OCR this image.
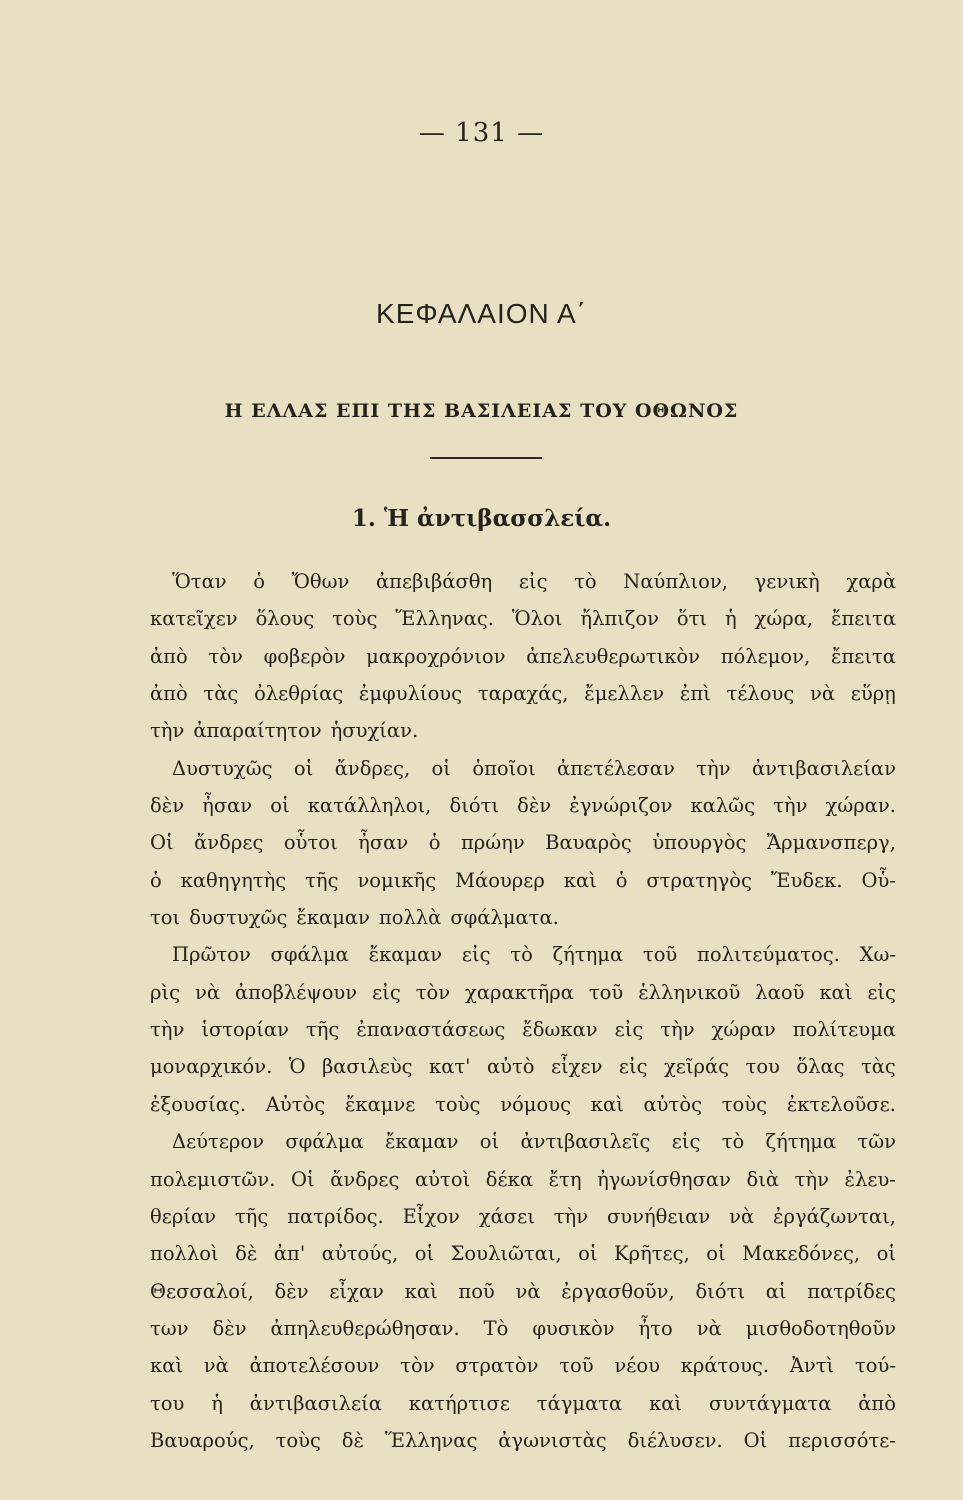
— 131 —
ΚΕΦΑΛΑΙΟΝ Α΄
Η ΕΛΛΑΣ ΕΠΙ ΤΗΣ ΒΑΣΙΛΕΙΑΣ ΤΟΥ ΟΘΩΝΟΣ
1. Ἡ ἀντιβασσλεία.
Ὅταν ὁ Ὄθων ἀπεβιβάσθη εἰς τὸ Ναύπλιον, γενικὴ χαρὰ
κατεῖχεν ὅλους τοὺς Ἕλληνας. Ὅλοι ἤλπιζον ὅτι ἡ χώρα, ἔπειτα
ἀπὸ τὸν φοβερὸν μακροχρόνιον ἀπελευθερωτικὸν πόλεμον, ἔπειτα
ἀπὸ τὰς ὀλεθρίας ἐμφυλίους ταραχάς, ἔμελλεν ἐπὶ τέλους νὰ εὕρῃ
τὴν ἀπαραίτητον ἡσυχίαν.
Δυστυχῶς οἱ ἄνδρες, οἱ ὁποῖοι ἀπετέλεσαν τὴν ἀντιβασιλείαν
δὲν ἦσαν οἱ κατάλληλοι, διότι δὲν ἐγνώριζον καλῶς τὴν χώραν.
Οἱ ἄνδρες οὗτοι ἦσαν ὁ πρώην Βαυαρὸς ὑπουργὸς Ἄρμανσπεργ,
ὁ καθηγητὴς τῆς νομικῆς Μάουρερ καὶ ὁ στρατηγὸς Ἔυδεκ. Οὗ-
τοι δυστυχῶς ἔκαμαν πολλὰ σφάλματα.
Πρῶτον σφάλμα ἔκαμαν εἰς τὸ ζήτημα τοῦ πολιτεύματος. Χω-
ρὶς νὰ ἀποβλέψουν εἰς τὸν χαρακτῆρα τοῦ ἑλληνικοῦ λαοῦ καὶ εἰς
τὴν ἱστορίαν τῆς ἐπαναστάσεως ἔδωκαν εἰς τὴν χώραν πολίτευμα
μοναρχικόν. Ὁ βασιλεὺς κατ' αὐτὸ εἶχεν εἰς χεῖράς του ὅλας τὰς
ἐξουσίας. Αὐτὸς ἔκαμνε τοὺς νόμους καὶ αὐτὸς τοὺς ἐκτελοῦσε.
Δεύτερον σφάλμα ἔκαμαν οἱ ἀντιβασιλεῖς εἰς τὸ ζήτημα τῶν
πολεμιστῶν. Οἱ ἄνδρες αὐτοὶ δέκα ἔτη ἠγωνίσθησαν διὰ τὴν ἐλευ-
θερίαν τῆς πατρίδος. Εἶχον χάσει τὴν συνήθειαν νὰ ἐργάζωνται,
πολλοὶ δὲ ἀπ' αὐτούς, οἱ Σουλιῶται, οἱ Κρῆτες, οἱ Μακεδόνες, οἱ
Θεσσαλοί, δὲν εἶχαν καὶ ποῦ νὰ ἐργασθοῦν, διότι αἱ πατρίδες
των δὲν ἀπηλευθερώθησαν. Τὸ φυσικὸν ἦτο νὰ μισθοδοτηθοῦν
καὶ νὰ ἀποτελέσουν τὸν στρατὸν τοῦ νέου κράτους. Ἀντὶ τού-
του ἡ ἀντιβασιλεία κατήρτισε τάγματα καὶ συντάγματα ἀπὸ
Βαυαρούς, τοὺς δὲ Ἕλληνας ἀγωνιστὰς διέλυσεν. Οἱ περισσότε-
